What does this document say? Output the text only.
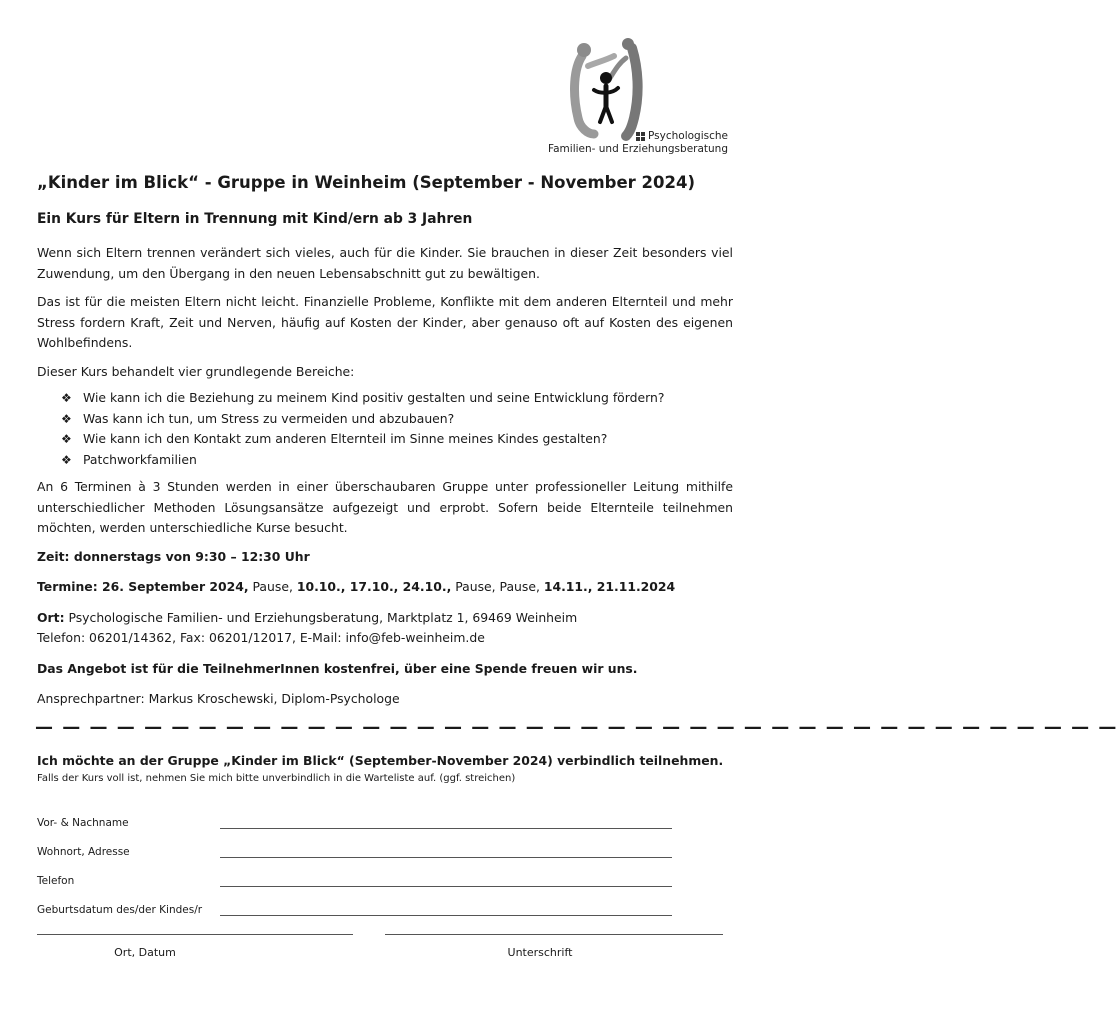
Psychologische
Familien- und Erziehungsberatung
„Kinder im Blick“ - Gruppe in Weinheim (September - November 2024)
Ein Kurs für Eltern in Trennung mit Kind/ern ab 3 Jahren

Wenn sich Eltern trennen verändert sich vieles, auch für die Kinder. Sie brauchen in dieser Zeit besonders viel Zuwendung, um den Übergang in den neuen Lebensabschnitt gut zu bewältigen.

Das ist für die meisten Eltern nicht leicht. Finanzielle Probleme, Konflikte mit dem anderen Elternteil und mehr Stress fordern Kraft, Zeit und Nerven, häufig auf Kosten der Kinder, aber genauso oft auf Kosten des eigenen Wohlbefindens.

Dieser Kurs behandelt vier grundlegende Bereiche:

❖ Wie kann ich die Beziehung zu meinem Kind positiv gestalten und seine Entwicklung fördern?
❖ Was kann ich tun, um Stress zu vermeiden und abzubauen?
❖ Wie kann ich den Kontakt zum anderen Elternteil im Sinne meines Kindes gestalten?
❖ Patchworkfamilien

An 6 Terminen à 3 Stunden werden in einer überschaubaren Gruppe unter professioneller Leitung mithilfe unterschiedlicher Methoden Lösungsansätze aufgezeigt und erprobt. Sofern beide Elternteile teilnehmen möchten, werden unterschiedliche Kurse besucht.

Zeit: donnerstags von 9:30 – 12:30 Uhr
Termine: 26. September 2024, Pause, 10.10., 17.10., 24.10., Pause, Pause, 14.11., 21.11.2024
Ort: Psychologische Familien- und Erziehungsberatung, Marktplatz 1, 69469 Weinheim
Telefon: 06201/14362, Fax: 06201/12017, E-Mail: info@feb-weinheim.de
Das Angebot ist für die TeilnehmerInnen kostenfrei, über eine Spende freuen wir uns.
Ansprechpartner: Markus Kroschewski, Diplom-Psychologe
— — — — — — — — — — — — — — — — — — — — — — — — — — — — — — — — — — — — — — — —
Ich möchte an der Gruppe „Kinder im Blick“ (September-November 2024) verbindlich teilnehmen.
Falls der Kurs voll ist, nehmen Sie mich bitte unverbindlich in die Warteliste auf. (ggf. streichen)
Vor- & Nachname
Wohnort, Adresse
Telefon
Geburtsdatum des/der Kindes/r
Ort, Datum	Unterschrift
